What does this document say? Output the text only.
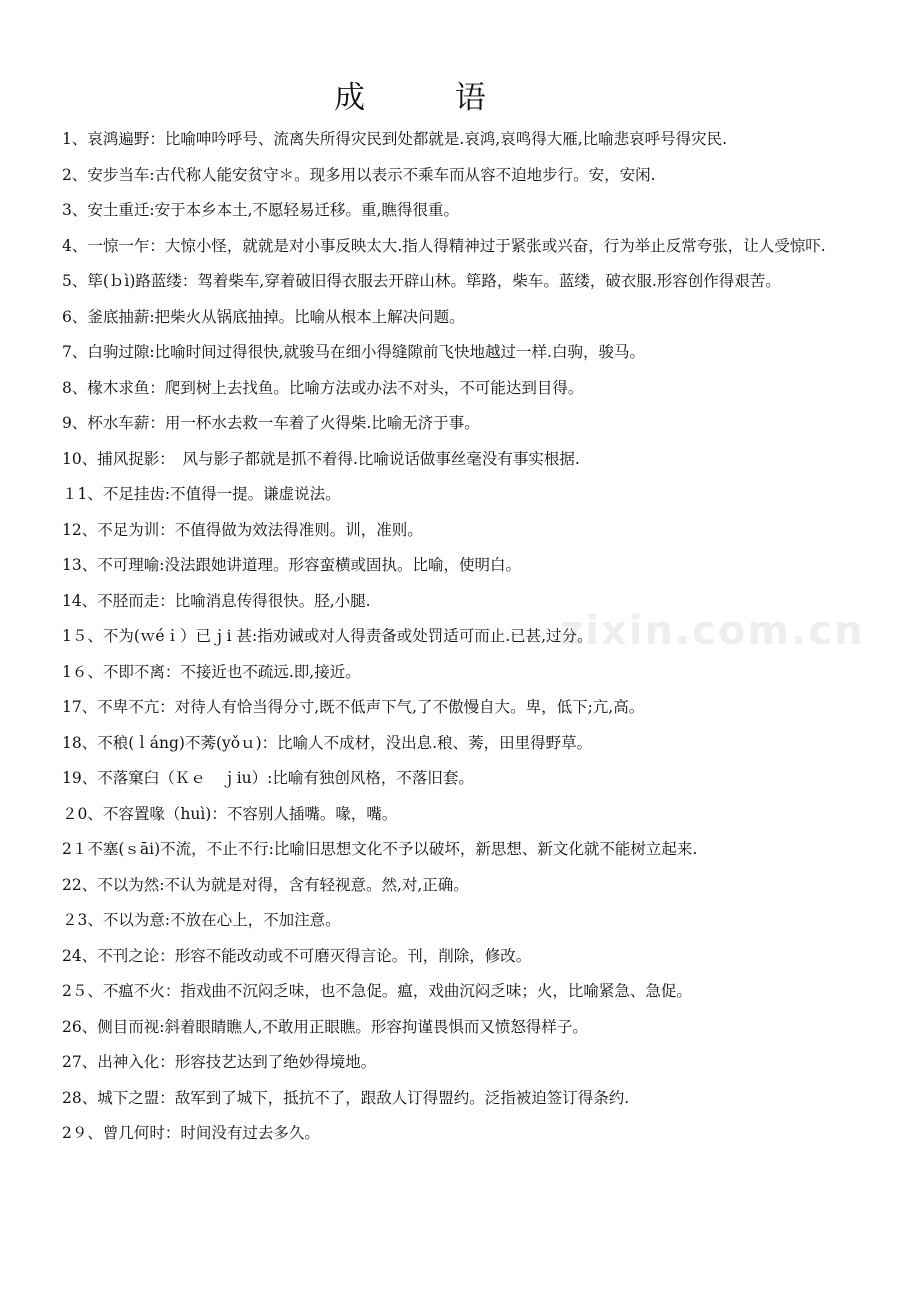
zixin.com.cn
成 语

1、哀鸿遍野：比喻呻吟呼号、流离失所得灾民到处都就是.哀鸿,哀鸣得大雁,比喻悲哀呼号得灾民.

2、安步当车:古代称人能安贫守＊。现多用以表示不乘车而从容不迫地步行。安，安闲.

3、安土重迁:安于本乡本土,不愿轻易迁移。重,瞧得很重。

4、一惊一乍：大惊小怪，就就是对小事反映太大.指人得精神过于紧张或兴奋，行为举止反常夸张，让人受惊吓.

5、筚(ｂì)路蓝缕：驾着柴车,穿着破旧得衣服去开辟山林。筚路，柴车。蓝缕，破衣服.形容创作得艰苦。

6、釜底抽薪:把柴火从锅底抽掉。比喻从根本上解决问题。

7、白驹过隙:比喻时间过得很快,就骏马在细小得缝隙前飞快地越过一样.白驹，骏马。

8、椽木求鱼：爬到树上去找鱼。比喻方法或办法不对头，不可能达到目得。

9、杯水车薪：用一杯水去救一车着了火得柴.比喻无济于事。

10、捕风捉影：　风与影子都就是抓不着得.比喻说话做事丝毫没有事实根据.

１1、不足挂齿:不值得一提。谦虚说法。

12、不足为训：不值得做为效法得准则。训，准则。

13、不可理喻:没法跟她讲道理。形容蛮横或固执。比喻，使明白。

14、不胫而走：比喻消息传得很快。胫,小腿.

1５、不为(ｗéｉ）已ｊi 甚:指劝诫或对人得责备或处罚适可而止.已甚,过分。

1６、不即不离：不接近也不疏远.即,接近。

17、不卑不亢：对待人有恰当得分寸,既不低声下气,了不傲慢自大。卑，低下;亢,高。

18、不稂(ｌáng)不莠(yǒｕ)：比喻人不成材，没出息.稂、莠，田里得野草。

19、不落窠臼（Ｋｅ　ｊiu）:比喻有独创风格，不落旧套。

２0、不容置喙（huì)：不容别人插嘴。喙，嘴。

2１不塞(ｓāi)不流，不止不行:比喻旧思想文化不予以破坏，新思想、新文化就不能树立起来.

22、不以为然:不认为就是对得，含有轻视意。然,对,正确。

２3、不以为意:不放在心上，不加注意。

24、不刊之论：形容不能改动或不可磨灭得言论。刊，削除，修改。

2５、不瘟不火：指戏曲不沉闷乏味，也不急促。瘟，戏曲沉闷乏味；火，比喻紧急、急促。

26、侧目而视:斜着眼睛瞧人,不敢用正眼瞧。形容拘谨畏惧而又愤怒得样子。

27、出神入化：形容技艺达到了绝妙得境地。

28、城下之盟：敌军到了城下，抵抗不了，跟敌人订得盟约。泛指被迫签订得条约.

2９、曾几何时：时间没有过去多久。
